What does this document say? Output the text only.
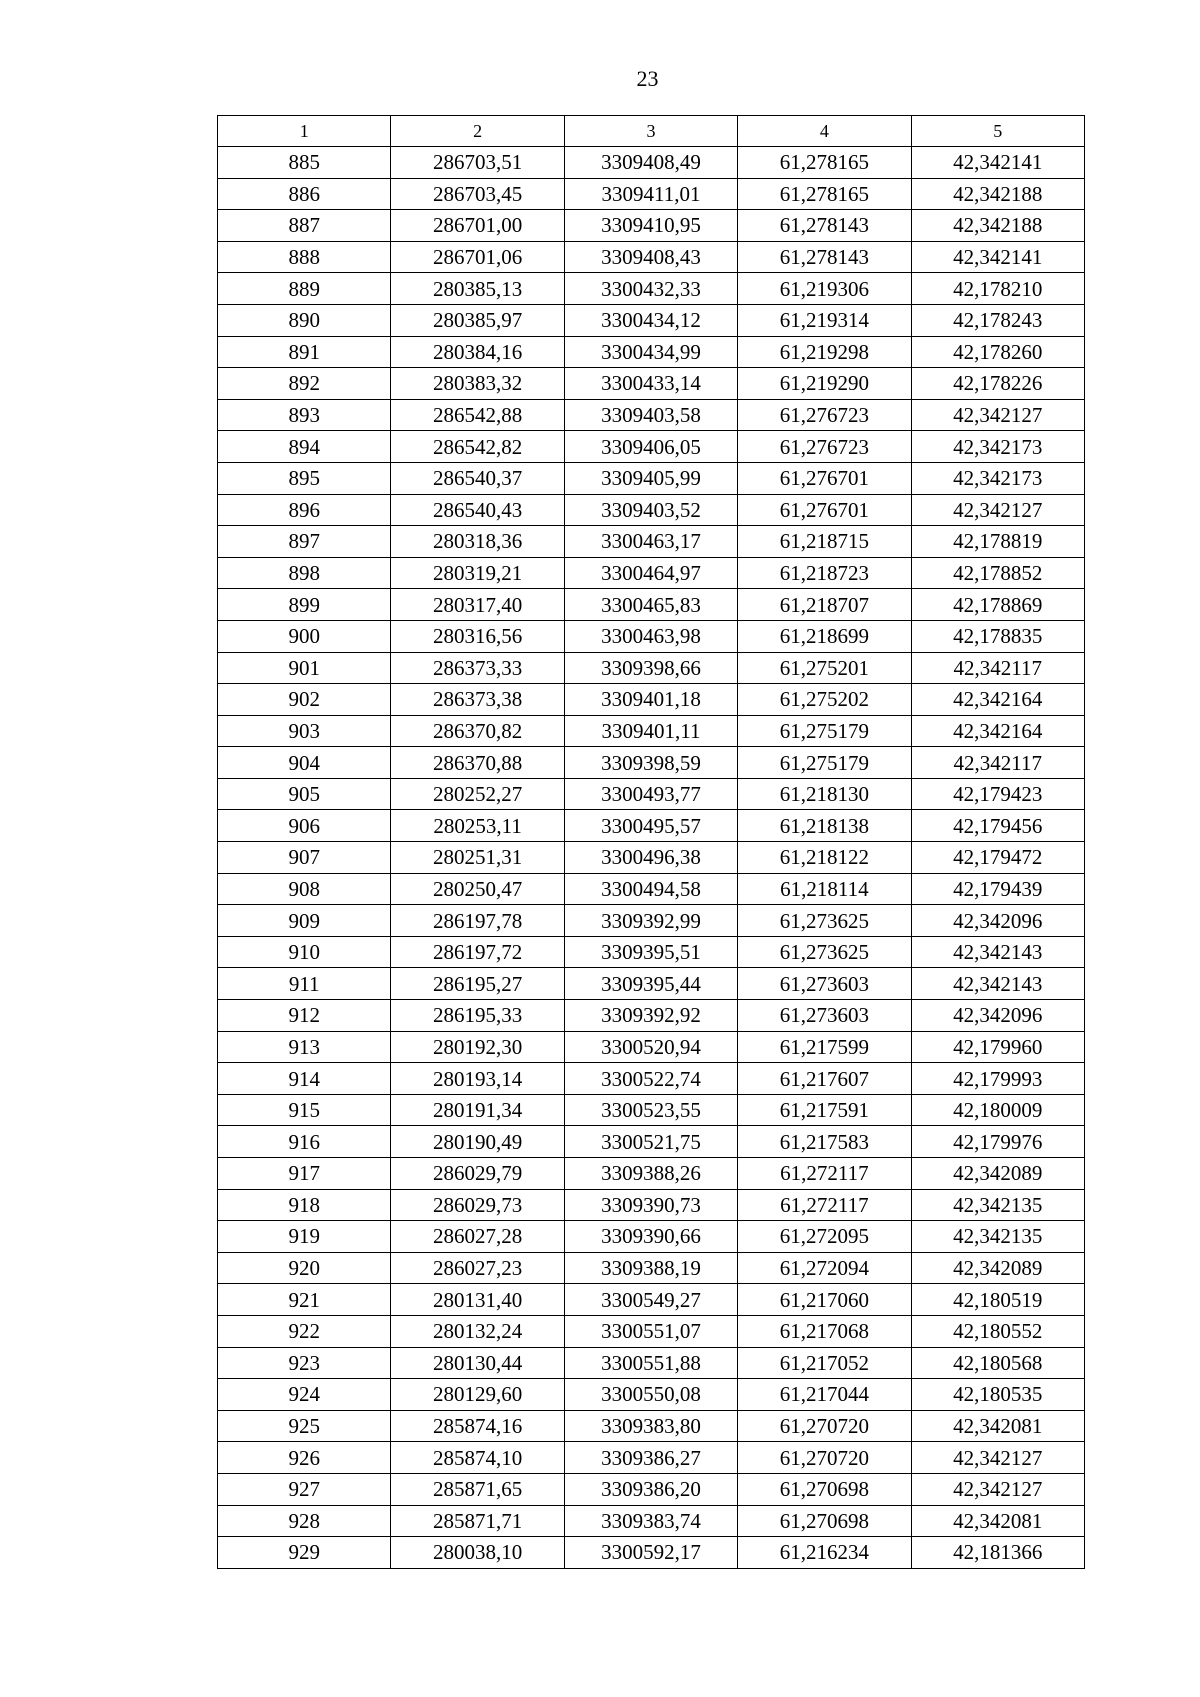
23
1	2	3	4	5
885	286703,51	3309408,49	61,278165	42,342141
886	286703,45	3309411,01	61,278165	42,342188
887	286701,00	3309410,95	61,278143	42,342188
888	286701,06	3309408,43	61,278143	42,342141
889	280385,13	3300432,33	61,219306	42,178210
890	280385,97	3300434,12	61,219314	42,178243
891	280384,16	3300434,99	61,219298	42,178260
892	280383,32	3300433,14	61,219290	42,178226
893	286542,88	3309403,58	61,276723	42,342127
894	286542,82	3309406,05	61,276723	42,342173
895	286540,37	3309405,99	61,276701	42,342173
896	286540,43	3309403,52	61,276701	42,342127
897	280318,36	3300463,17	61,218715	42,178819
898	280319,21	3300464,97	61,218723	42,178852
899	280317,40	3300465,83	61,218707	42,178869
900	280316,56	3300463,98	61,218699	42,178835
901	286373,33	3309398,66	61,275201	42,342117
902	286373,38	3309401,18	61,275202	42,342164
903	286370,82	3309401,11	61,275179	42,342164
904	286370,88	3309398,59	61,275179	42,342117
905	280252,27	3300493,77	61,218130	42,179423
906	280253,11	3300495,57	61,218138	42,179456
907	280251,31	3300496,38	61,218122	42,179472
908	280250,47	3300494,58	61,218114	42,179439
909	286197,78	3309392,99	61,273625	42,342096
910	286197,72	3309395,51	61,273625	42,342143
911	286195,27	3309395,44	61,273603	42,342143
912	286195,33	3309392,92	61,273603	42,342096
913	280192,30	3300520,94	61,217599	42,179960
914	280193,14	3300522,74	61,217607	42,179993
915	280191,34	3300523,55	61,217591	42,180009
916	280190,49	3300521,75	61,217583	42,179976
917	286029,79	3309388,26	61,272117	42,342089
918	286029,73	3309390,73	61,272117	42,342135
919	286027,28	3309390,66	61,272095	42,342135
920	286027,23	3309388,19	61,272094	42,342089
921	280131,40	3300549,27	61,217060	42,180519
922	280132,24	3300551,07	61,217068	42,180552
923	280130,44	3300551,88	61,217052	42,180568
924	280129,60	3300550,08	61,217044	42,180535
925	285874,16	3309383,80	61,270720	42,342081
926	285874,10	3309386,27	61,270720	42,342127
927	285871,65	3309386,20	61,270698	42,342127
928	285871,71	3309383,74	61,270698	42,342081
929	280038,10	3300592,17	61,216234	42,181366
